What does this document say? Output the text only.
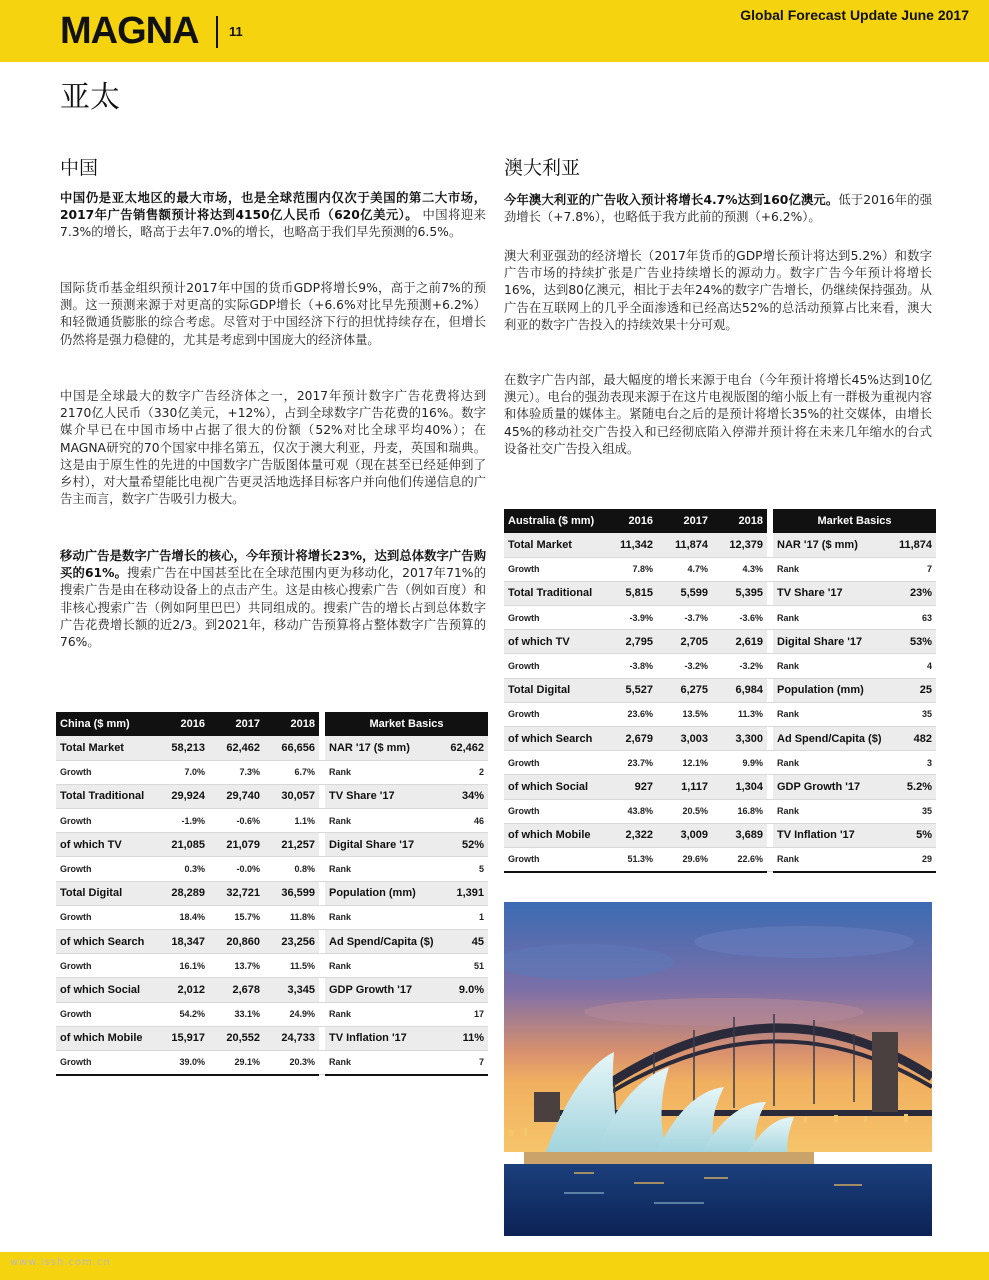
MAGNA 11
Global Forecast Update June 2017
亚太
中国
中国仍是亚太地区的最大市场，也是全球范围内仅次于美国的第二大市场，2017年广告销售额预计将达到4150亿人民币（620亿美元）。 中国将迎来7.3%的增长，略高于去年7.0%的增长，也略高于我们早先预测的6.5%。
国际货币基金组织预计2017年中国的货币GDP将增长9%，高于之前7%的预测。这一预测来源于对更高的实际GDP增长（+6.6%对比早先预测+6.2%）和轻微通货膨胀的综合考虑。尽管对于中国经济下行的担忧持续存在，但增长仍然将是强力稳健的，尤其是考虑到中国庞大的经济体量。
中国是全球最大的数字广告经济体之一，2017年预计数字广告花费将达到2170亿人民币（330亿美元，+12%），占到全球数字广告花费的16%。数字媒介早已在中国市场中占据了很大的份额（52%对比全球平均40%）；在MAGNA研究的70个国家中排名第五，仅次于澳大利亚，丹麦，英国和瑞典。这是由于原生性的先进的中国数字广告版图体量可观（现在甚至已经延伸到了乡村），对大量希望能比电视广告更灵活地选择目标客户并向他们传递信息的广告主而言，数字广告吸引力极大。
移动广告是数字广告增长的核心，今年预计将增长23%，达到总体数字广告购买的61%。搜索广告在中国甚至比在全球范围内更为移动化，2017年71%的搜索广告是由在移动设备上的点击产生。这是由核心搜索广告（例如百度）和非核心搜索广告（例如阿里巴巴）共同组成的。搜索广告的增长占到总体数字广告花费增长额的近2/3。到2021年，移动广告预算将占整体数字广告预算的76%。
China ($ mm)	2016	2017	2018		Market Basics	
Total Market	58,213	62,462	66,656		NAR '17 ($ mm)	62,462
Growth	7.0%	7.3%	6.7%		Rank	2
Total Traditional	29,924	29,740	30,057		TV Share '17	34%
Growth	-1.9%	-0.6%	1.1%		Rank	46
of which TV	21,085	21,079	21,257		Digital Share '17	52%
Growth	0.3%	-0.0%	0.8%		Rank	5
Total Digital	28,289	32,721	36,599		Population (mm)	1,391
Growth	18.4%	15.7%	11.8%		Rank	1
of which Search	18,347	20,860	23,256		Ad Spend/Capita ($)	45
Growth	16.1%	13.7%	11.5%		Rank	51
of which Social	2,012	2,678	3,345		GDP Growth '17	9.0%
Growth	54.2%	33.1%	24.9%		Rank	17
of which Mobile	15,917	20,552	24,733		TV Inflation '17	11%
Growth	39.0%	29.1%	20.3%		Rank	7
澳大利亚
今年澳大利亚的广告收入预计将增长4.7%达到160亿澳元。低于2016年的强劲增长（+7.8%），也略低于我方此前的预测（+6.2%）。
澳大利亚强劲的经济增长（2017年货币的GDP增长预计将达到5.2%）和数字广告市场的持续扩张是广告业持续增长的源动力。数字广告今年预计将增长16%，达到80亿澳元，相比于去年24%的数字广告增长，仍继续保持强劲。从广告在互联网上的几乎全面渗透和已经高达52%的总活动预算占比来看，澳大利亚的数字广告投入的持续效果十分可观。
在数字广告内部，最大幅度的增长来源于电台（今年预计将增长45%达到10亿澳元）。电台的强劲表现来源于在这片电视版图的缩小版上有一群极为重视内容和体验质量的媒体主。紧随电台之后的是预计将增长35%的社交媒体，由增长45%的移动社交广告投入和已经彻底陷入停滞并预计将在未来几年缩水的台式设备社交广告投入组成。
Australia ($ mm)	2016	2017	2018		Market Basics	
Total Market	11,342	11,874	12,379		NAR '17 ($ mm)	11,874
Growth	7.8%	4.7%	4.3%		Rank	7
Total Traditional	5,815	5,599	5,395		TV Share '17	23%
Growth	-3.9%	-3.7%	-3.6%		Rank	63
of which TV	2,795	2,705	2,619		Digital Share '17	53%
Growth	-3.8%	-3.2%	-3.2%		Rank	4
Total Digital	5,527	6,275	6,984		Population (mm)	25
Growth	23.6%	13.5%	11.3%		Rank	35
of which Search	2,679	3,003	3,300		Ad Spend/Capita ($)	482
Growth	23.7%	12.1%	9.9%		Rank	3
of which Social	927	1,117	1,304		GDP Growth '17	5.2%
Growth	43.8%	20.5%	16.8%		Rank	35
of which Mobile	2,322	3,009	3,689		TV Inflation '17	5%
Growth	51.3%	29.6%	22.6%		Rank	29
www.issh.com.cn
